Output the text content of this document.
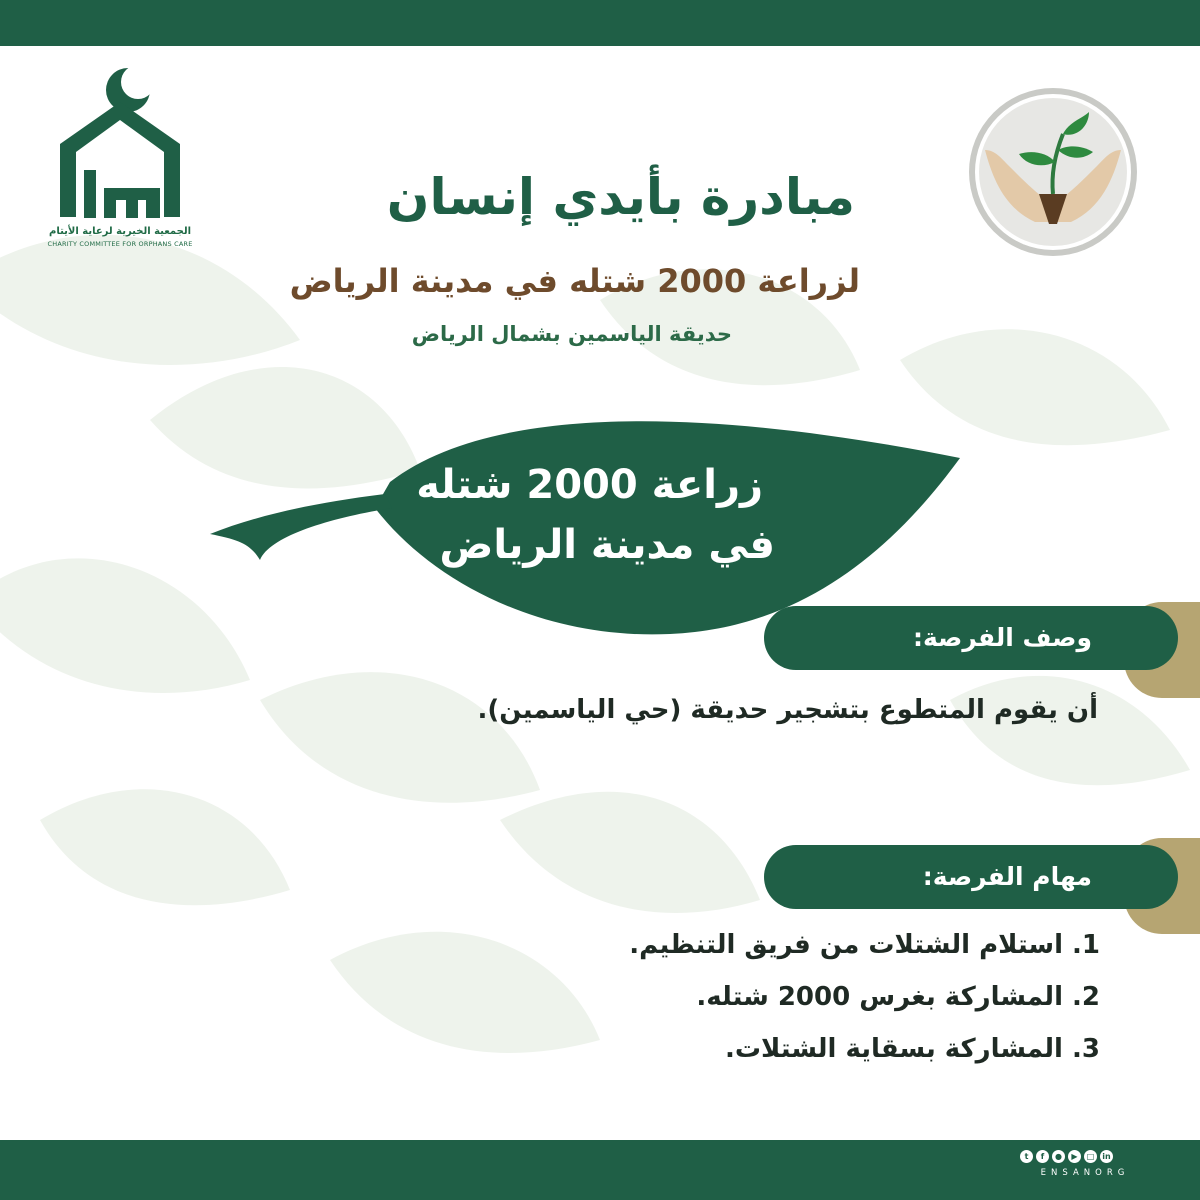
الجمعية الخيرية لرعاية الأيتام
CHARITY COMMITTEE FOR ORPHANS CARE
مبادرة بأيدي إنسان
لزراعة 2000 شتله في مدينة الرياض
حديقة الياسمين بشمال الرياض
زراعة 2000 شتله
في مدينة الرياض
وصف الفرصة:
أن يقوم المتطوع بتشجير حديقة (حي الياسمين).
مهام الفرصة:
1. استلام الشتلات من فريق التنظيم.
2. المشاركة بغرس 2000 شتله.
3. المشاركة بسقاية الشتلات.
t	f	●	▶	□	in
ENSANORG
